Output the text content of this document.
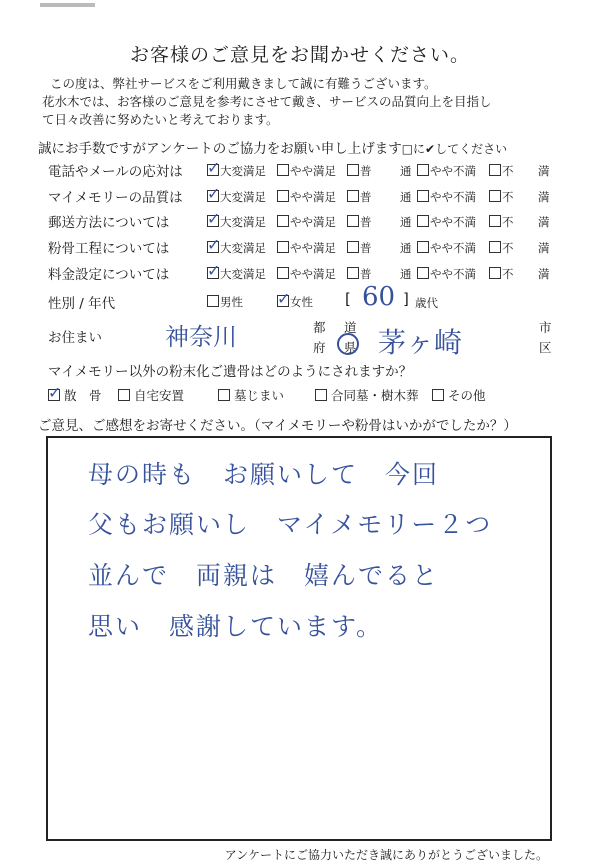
お客様のご意見をお聞かせください。
この度は、弊社サービスをご利用戴きまして誠に有難うございます。
花水木では、お客様のご意見を参考にさせて戴き、サービスの品質向上を目指し
て日々改善に努めたいと考えております。
誠にお手数ですがアンケートのご協力をお願い申し上げます□に✔してください
電話やメールの応対は ✓ 大変満足	やや満足	普 通	やや不満	不 満
マイメモリーの品質は ✓ 大変満足	やや満足	普 通	やや不満	不 満
郵送方法については ✓ 大変満足	やや満足	普 通	やや不満	不 満
粉骨工程については ✓ 大変満足	やや満足	普 通	やや不満	不 満
料金設定については ✓ 大変満足	やや満足	普 通	やや不満	不 満
性別 / 年代	男性 ✓ 女性 [ 60 ] 歳代
お住まい	神奈川	都 道
府 県 茅ヶ崎	市
区
マイメモリー以外の粉末化ご遺骨はどのようにされますか？
✓ 散　骨	自宅安置	墓じまい	合同墓・樹木葬	その他
ご意見、ご感想をお寄せください。（マイメモリーや粉骨はいかがでしたか？）
母の時も　お願いして　今回
父もお願いし　マイメモリー２つ
並んで　両親は　嬉んでると
思い　感謝しています。
アンケートにご協力いただき誠にありがとうございました。
